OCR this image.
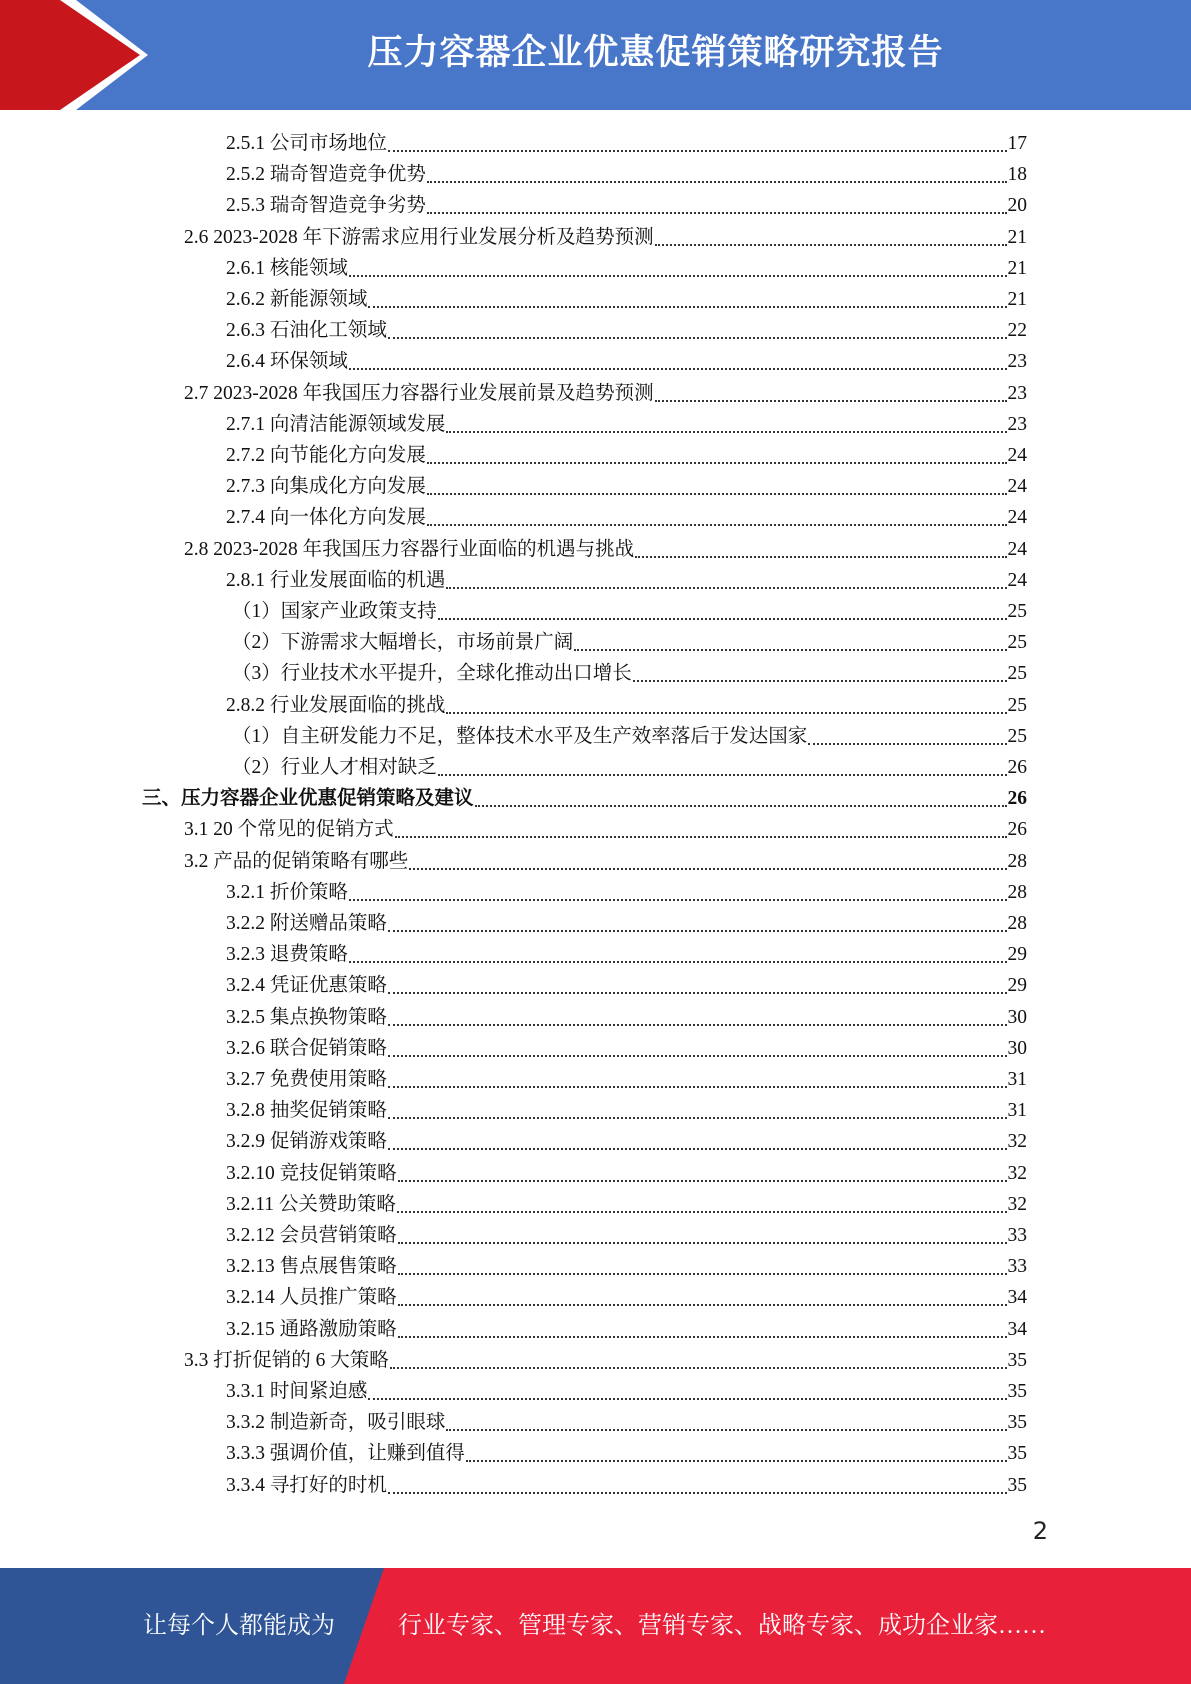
压力容器企业优惠促销策略研究报告
2.5.1 公司市场地位	17
2.5.2 瑞奇智造竞争优势	18
2.5.3 瑞奇智造竞争劣势	20
2.6 2023-2028 年下游需求应用行业发展分析及趋势预测	21
2.6.1 核能领域	21
2.6.2 新能源领域	21
2.6.3 石油化工领域	22
2.6.4 环保领域	23
2.7 2023-2028 年我国压力容器行业发展前景及趋势预测	23
2.7.1 向清洁能源领域发展	23
2.7.2 向节能化方向发展	24
2.7.3 向集成化方向发展	24
2.7.4 向一体化方向发展	24
2.8 2023-2028 年我国压力容器行业面临的机遇与挑战	24
2.8.1 行业发展面临的机遇	24
（1）国家产业政策支持	25
（2）下游需求大幅增长，市场前景广阔	25
（3）行业技术水平提升，全球化推动出口增长	25
2.8.2 行业发展面临的挑战	25
（1）自主研发能力不足，整体技术水平及生产效率落后于发达国家	25
（2）行业人才相对缺乏	26
三、压力容器企业优惠促销策略及建议	26
3.1 20 个常见的促销方式	26
3.2 产品的促销策略有哪些	28
3.2.1 折价策略	28
3.2.2 附送赠品策略	28
3.2.3 退费策略	29
3.2.4 凭证优惠策略	29
3.2.5 集点换物策略	30
3.2.6 联合促销策略	30
3.2.7 免费使用策略	31
3.2.8 抽奖促销策略	31
3.2.9 促销游戏策略	32
3.2.10 竞技促销策略	32
3.2.11 公关赞助策略	32
3.2.12 会员营销策略	33
3.2.13 售点展售策略	33
3.2.14 人员推广策略	34
3.2.15 通路激励策略	34
3.3 打折促销的 6 大策略	35
3.3.1 时间紧迫感	35
3.3.2 制造新奇，吸引眼球	35
3.3.3 强调价值，让赚到值得	35
3.3.4 寻打好的时机	35
2
让每个人都能成为	行业专家、管理专家、营销专家、战略专家、成功企业家……
